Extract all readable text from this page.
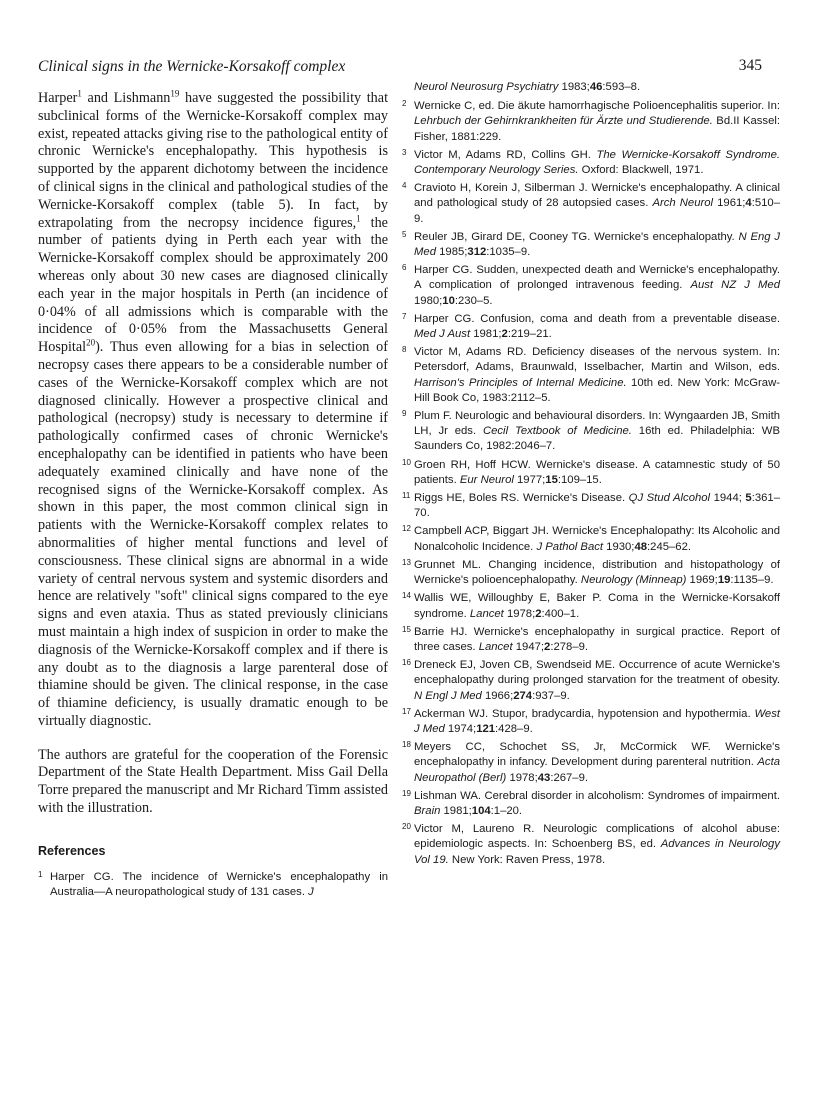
Clinical signs in the Wernicke-Korsakoff complex	345

Harper$^1$ and Lishmann$^{19}$ have suggested the possibility that subclinical forms of the Wernicke-Korsakoff complex may exist, repeated attacks giving rise to the pathological entity of chronic Wernicke's encephalopathy. This hypothesis is supported by the apparent dichotomy between the incidence of clinical signs in the clinical and pathological studies of the Wernicke-Korsakoff complex (table 5). In fact, by extrapolating from the necropsy incidence figures,$^1$ the number of patients dying in Perth each year with the Wernicke-Korsakoff complex should be approximately 200 whereas only about 30 new cases are diagnosed clinically each year in the major hospitals in Perth (an incidence of 0·04% of all admissions which is comparable with the incidence of 0·05% from the Massachusetts General Hospital$^{20}$). Thus even allowing for a bias in selection of necropsy cases there appears to be a considerable number of cases of the Wernicke-Korsakoff complex which are not diagnosed clinically. However a prospective clinical and pathological (necropsy) study is necessary to determine if pathologically confirmed cases of chronic Wernicke's encephalopathy can be identified in patients who have been adequately examined clinically and have none of the recognised signs of the Wernicke-Korsakoff complex. As shown in this paper, the most common clinical sign in patients with the Wernicke-Korsakoff complex relates to abnormalities of higher mental functions and level of consciousness. These clinical signs are abnormal in a wide variety of central nervous system and systemic disorders and hence are relatively "soft" clinical signs compared to the eye signs and even ataxia. Thus as stated previously clinicians must maintain a high index of suspicion in order to make the diagnosis of the Wernicke-Korsakoff complex and if there is any doubt as to the diagnosis a large parenteral dose of thiamine should be given. The clinical response, in the case of thiamine deficiency, is usually dramatic enough to be virtually diagnostic.

The authors are grateful for the cooperation of the Forensic Department of the State Health Department. Miss Gail Della Torre prepared the manuscript and Mr Richard Timm assisted with the illustration.

References

1 Harper CG. The incidence of Wernicke's encephalopathy in Australia—A neuropathological study of 131 cases. J

Neurol Neurosurg Psychiatry 1983;46:593–8.

2 Wernicke C, ed. Die äkute hamorrhagische Polioencephalitis superior. In: Lehrbuch der Gehirnkrankheiten für Ärzte und Studierende. Bd.II Kassel: Fisher, 1881:229.

3 Victor M, Adams RD, Collins GH. The Wernicke-Korsakoff Syndrome. Contemporary Neurology Series. Oxford: Blackwell, 1971.

4 Cravioto H, Korein J, Silberman J. Wernicke's encephalopathy. A clinical and pathological study of 28 autopsied cases. Arch Neurol 1961;4:510–9.

5 Reuler JB, Girard DE, Cooney TG. Wernicke's encephalopathy. N Eng J Med 1985;312:1035–9.

6 Harper CG. Sudden, unexpected death and Wernicke's encephalopathy. A complication of prolonged intravenous feeding. Aust NZ J Med 1980;10:230–5.

7 Harper CG. Confusion, coma and death from a preventable disease. Med J Aust 1981;2:219–21.

8 Victor M, Adams RD. Deficiency diseases of the nervous system. In: Petersdorf, Adams, Braunwald, Isselbacher, Martin and Wilson, eds. Harrison's Principles of Internal Medicine. 10th ed. New York: McGraw-Hill Book Co, 1983:2112–5.

9 Plum F. Neurologic and behavioural disorders. In: Wyngaarden JB, Smith LH, Jr eds. Cecil Textbook of Medicine. 16th ed. Philadelphia: WB Saunders Co, 1982:2046–7.

10 Groen RH, Hoff HCW. Wernicke's disease. A catamnestic study of 50 patients. Eur Neurol 1977;15:109–15.

11 Riggs HE, Boles RS. Wernicke's Disease. QJ Stud Alcohol 1944; 5:361–70.

12 Campbell ACP, Biggart JH. Wernicke's Encephalopathy: Its Alcoholic and Nonalcoholic Incidence. J Pathol Bact 1930;48:245–62.

13 Grunnet ML. Changing incidence, distribution and histopathology of Wernicke's polioencephalopathy. Neurology (Minneap) 1969;19:1135–9.

14 Wallis WE, Willoughby E, Baker P. Coma in the Wernicke-Korsakoff syndrome. Lancet 1978;2:400–1.

15 Barrie HJ. Wernicke's encephalopathy in surgical practice. Report of three cases. Lancet 1947;2:278–9.

16 Dreneck EJ, Joven CB, Swendseid ME. Occurrence of acute Wernicke's encephalopathy during prolonged starvation for the treatment of obesity. N Engl J Med 1966;274:937–9.

17 Ackerman WJ. Stupor, bradycardia, hypotension and hypothermia. West J Med 1974;121:428–9.

18 Meyers CC, Schochet SS, Jr, McCormick WF. Wernicke's encephalopathy in infancy. Development during parenteral nutrition. Acta Neuropathol (Berl) 1978;43:267–9.

19 Lishman WA. Cerebral disorder in alcoholism: Syndromes of impairment. Brain 1981;104:1–20.

20 Victor M, Laureno R. Neurologic complications of alcohol abuse: epidemiologic aspects. In: Schoenberg BS, ed. Advances in Neurology Vol 19. New York: Raven Press, 1978.
